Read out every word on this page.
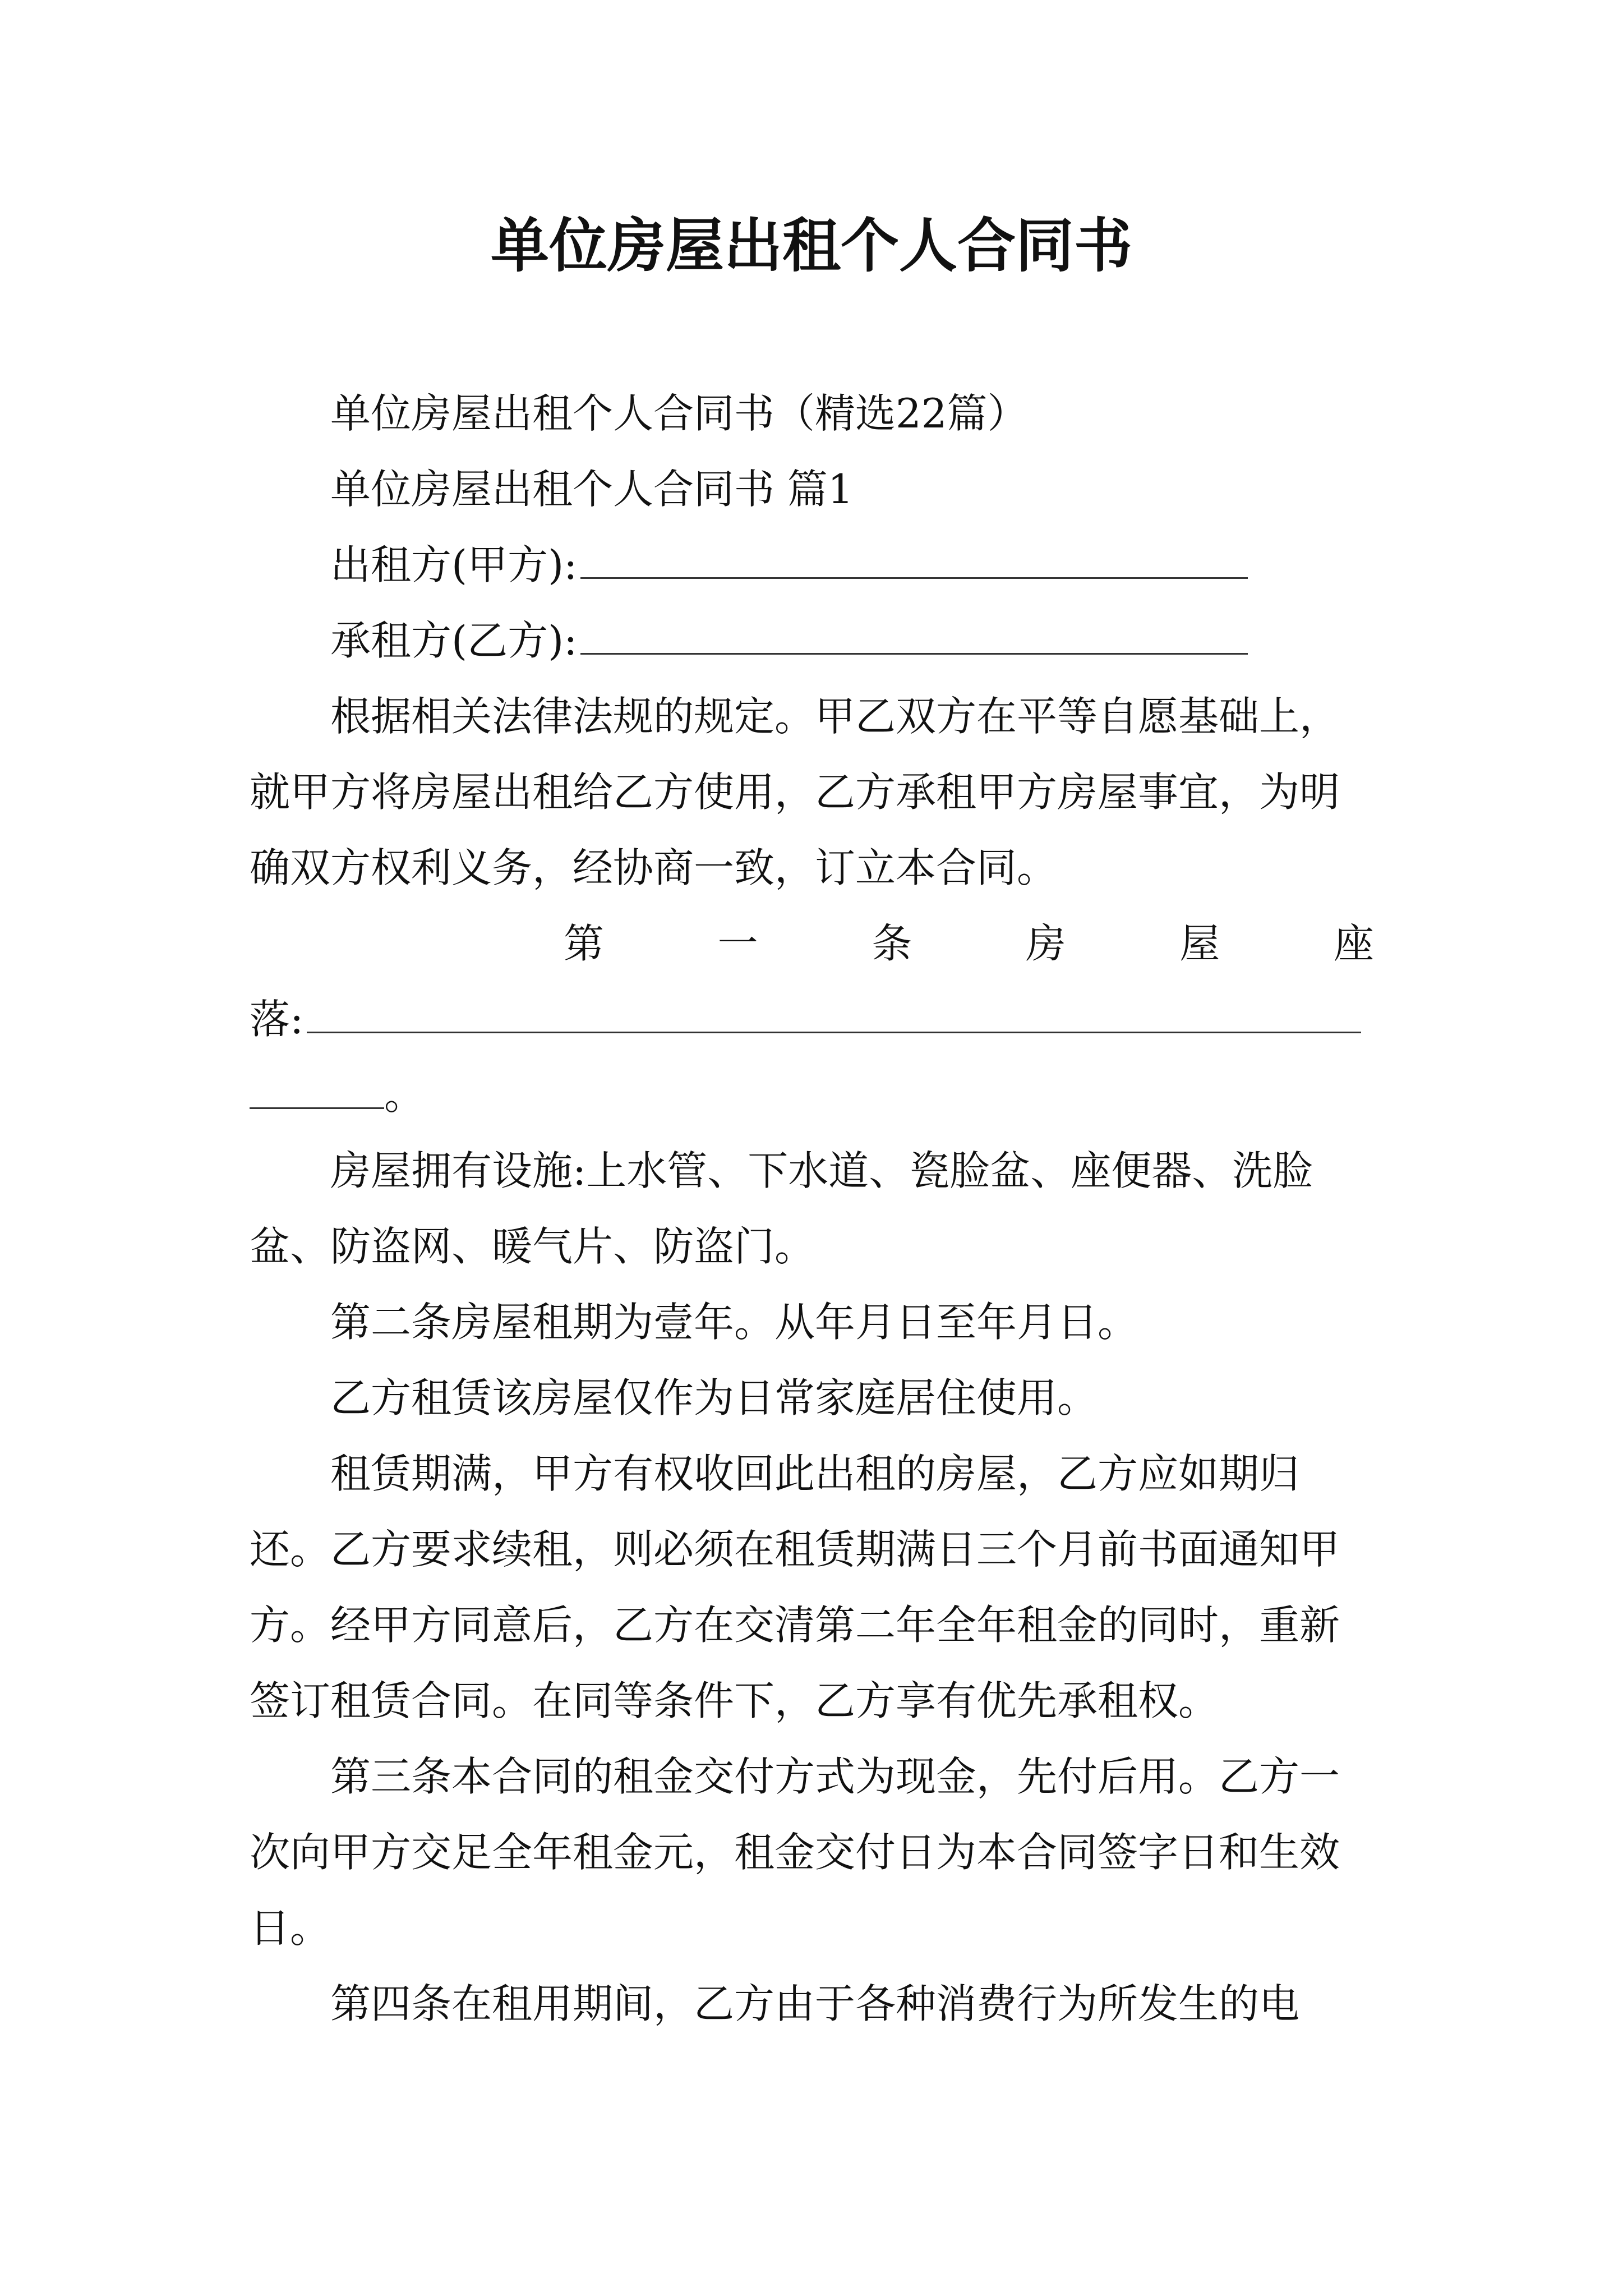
单位房屋出租个人合同书

单位房屋出租个人合同书（精选22篇）

单位房屋出租个人合同书 篇1

出租方(甲方):

承租方(乙方):

根据相关法律法规的规定。甲乙双方在平等自愿基础上，就甲方将房屋出租给乙方使用，乙方承租甲方房屋事宜，为明确双方权利义务，经协商一致，订立本合同。

第	一	条	房	屋	座

落:

。

房屋拥有设施:上水管、下水道、瓷脸盆、座便器、洗脸盆、防盗网、暖气片、防盗门。

第二条房屋租期为壹年。从年月日至年月日。

乙方租赁该房屋仅作为日常家庭居住使用。

租赁期满，甲方有权收回此出租的房屋，乙方应如期归还。乙方要求续租，则必须在租赁期满日三个月前书面通知甲方。经甲方同意后，乙方在交清第二年全年租金的同时，重新签订租赁合同。在同等条件下，乙方享有优先承租权。

第三条本合同的租金交付方式为现金，先付后用。乙方一次向甲方交足全年租金元，租金交付日为本合同签字日和生效日。

第四条在租用期间，乙方由于各种消费行为所发生的电
